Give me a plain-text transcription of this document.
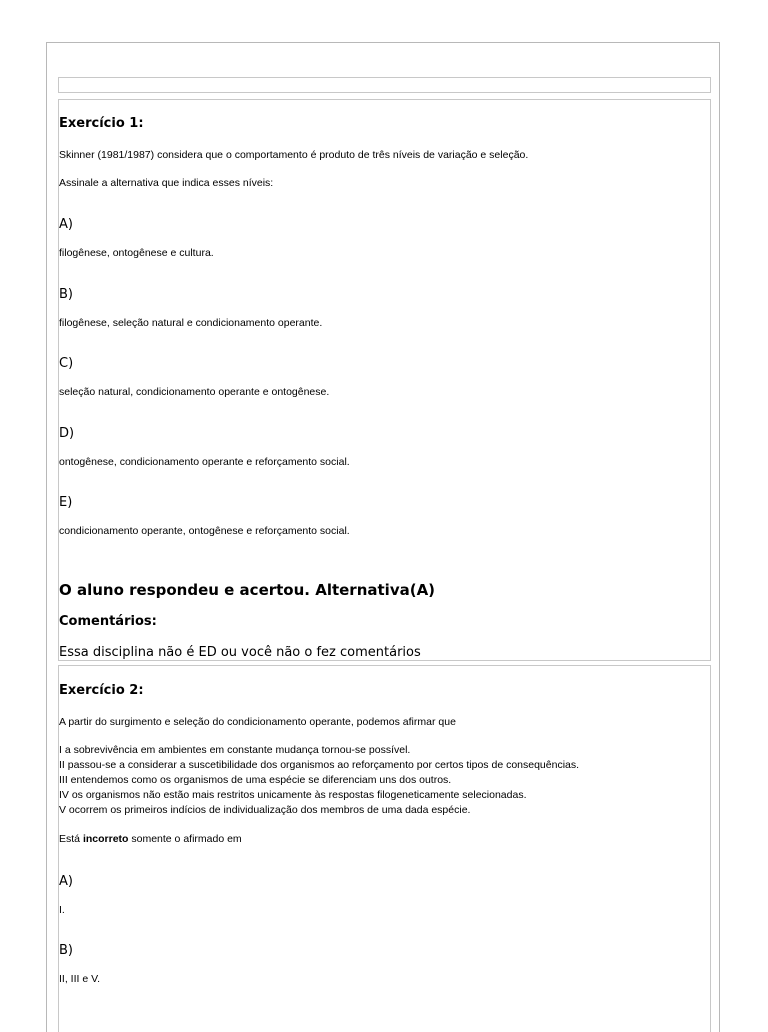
Exercício 1:
Skinner (1981/1987) considera que o comportamento é produto de três níveis de variação e seleção.
Assinale a alternativa que indica esses níveis:
A)
filogênese, ontogênese e cultura.
B)
filogênese, seleção natural e condicionamento operante.
C)
seleção natural, condicionamento operante e ontogênese.
D)
ontogênese, condicionamento operante e reforçamento social.
E)
condicionamento operante, ontogênese e reforçamento social.
O aluno respondeu e acertou. Alternativa(A)
Comentários:
Essa disciplina não é ED ou você não o fez comentários
Exercício 2:
A partir do surgimento e seleção do condicionamento operante, podemos afirmar que
I a sobrevivência em ambientes em constante mudança tornou-se possível.
II passou-se a considerar a suscetibilidade dos organismos ao reforçamento por certos tipos de consequências.
III entendemos como os organismos de uma espécie se diferenciam uns dos outros.
IV os organismos não estão mais restritos unicamente às respostas filogeneticamente selecionadas.
V ocorrem os primeiros indícios de individualização dos membros de uma dada espécie.
Está incorreto somente o afirmado em
A)
I.
B)
II, III e V.
